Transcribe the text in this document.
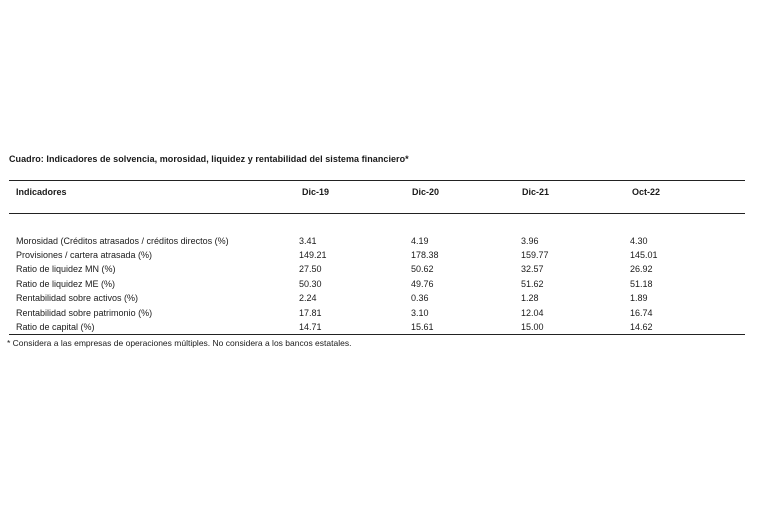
Cuadro: Indicadores de solvencia, morosidad, liquidez y rentabilidad del sistema financiero*
Indicadores	Dic-19	Dic-20	Dic-21	Oct-22
Morosidad (Créditos atrasados / créditos directos (%)	3.41	4.19	3.96	4.30
Provisiones / cartera atrasada (%)	149.21	178.38	159.77	145.01
Ratio de liquidez MN (%)	27.50	50.62	32.57	26.92
Ratio de liquidez ME (%)	50.30	49.76	51.62	51.18
Rentabilidad sobre activos (%)	2.24	0.36	1.28	1.89
Rentabilidad sobre patrimonio (%)	17.81	3.10	12.04	16.74
Ratio de capital (%)	14.71	15.61	15.00	14.62
* Considera a las empresas de operaciones múltiples. No considera a los bancos estatales.
